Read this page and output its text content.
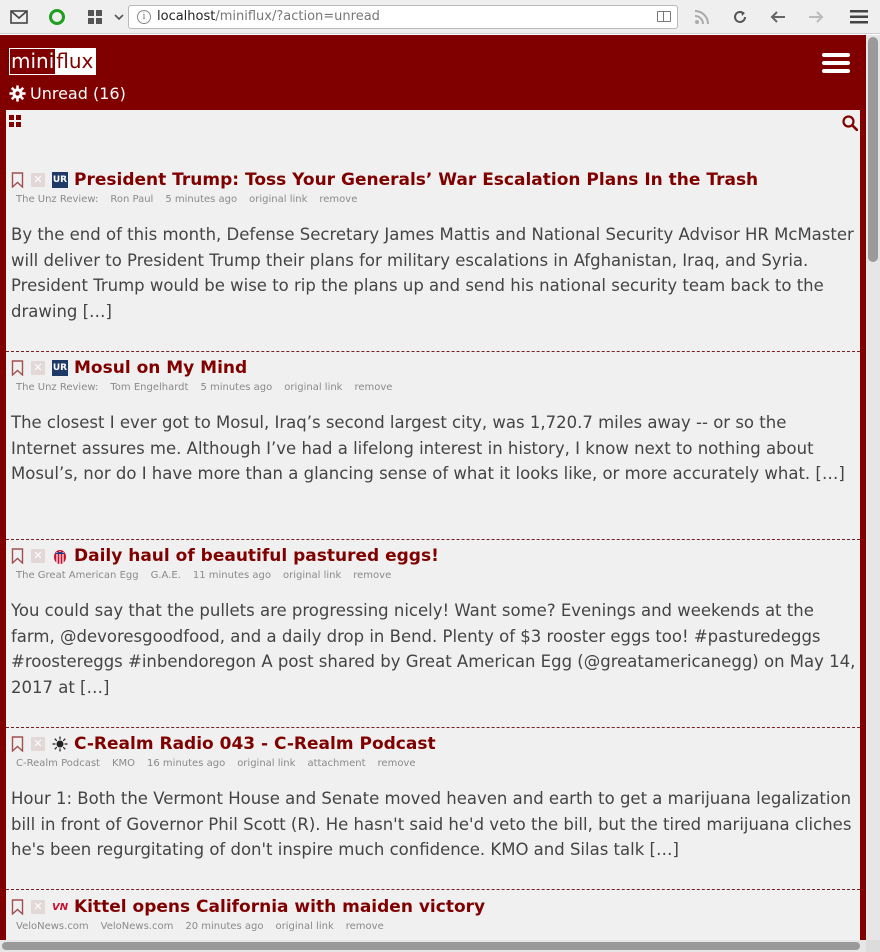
i localhost/miniflux/?action=unread
mini flux
Unread (16)
✕ UR President Trump: Toss Your Generals’ War Escalation Plans In the Trash
The Unz Review: Ron Paul 5 minutes ago original link remove
By the end of this month, Defense Secretary James Mattis and National Security Advisor HR McMaster will deliver to President Trump their plans for military escalations in Afghanistan, Iraq, and Syria. President Trump would be wise to rip the plans up and send his national security team back to the drawing […]
✕ UR Mosul on My Mind
The Unz Review: Tom Engelhardt 5 minutes ago original link remove
The closest I ever got to Mosul, Iraq’s second largest city, was 1,720.7 miles away -- or so the Internet assures me. Although I’ve had a lifelong interest in history, I know next to nothing about Mosul’s, nor do I have more than a glancing sense of what it looks like, or more accurately what. […]
✕ Daily haul of beautiful pastured eggs!
The Great American Egg G.A.E. 11 minutes ago original link remove
You could say that the pullets are progressing nicely! Want some? Evenings and weekends at the farm, @devoresgoodfood, and a daily drop in Bend. Plenty of $3 rooster eggs too! #pasturedeggs #roostereggs #inbendoregon A post shared by Great American Egg (@greatamericanegg) on May 14, 2017 at […]
✕ C-Realm Radio 043 - C-Realm Podcast
C-Realm Podcast KMO 16 minutes ago original link attachment remove
Hour 1: Both the Vermont House and Senate moved heaven and earth to get a marijuana legalization bill in front of Governor Phil Scott (R). He hasn't said he'd veto the bill, but the tired marijuana cliches he's been regurgitating of don't inspire much confidence. KMO and Silas talk […]
✕ VN Kittel opens California with maiden victory
VeloNews.com VeloNews.com 20 minutes ago original link remove
